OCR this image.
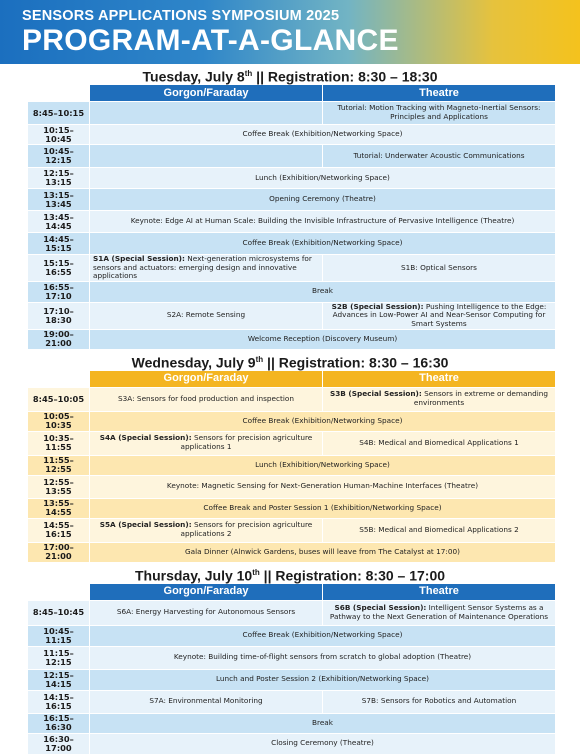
SENSORS APPLICATIONS SYMPOSIUM 2025
PROGRAM-AT-A-GLANCE
Tuesday, July 8th || Registration: 8:30 – 18:30
	Gorgon/Faraday	Theatre
8:45–10:15		Tutorial: Motion Tracking with Magneto-Inertial Sensors: Principles and Applications
10:15–10:45	Coffee Break (Exhibition/Networking Space)	
10:45–12:15		Tutorial: Underwater Acoustic Communications
12:15–13:15	Lunch (Exhibition/Networking Space)	
13:15–13:45	Opening Ceremony (Theatre)	
13:45–14:45	Keynote: Edge AI at Human Scale: Building the Invisible Infrastructure of Pervasive Intelligence (Theatre)	
14:45–15:15	Coffee Break (Exhibition/Networking Space)	
15:15–16:55	S1A (Special Session): Next-generation microsystems for sensors and actuators: emerging design and innovative applications	S1B: Optical Sensors
16:55–17:10	Break	
17:10–18:30	S2A: Remote Sensing	S2B (Special Session): Pushing Intelligence to the Edge: Advances in Low-Power AI and Near-Sensor Computing for Smart Systems
19:00–21:00	Welcome Reception (Discovery Museum)	
Wednesday, July 9th || Registration: 8:30 – 16:30
	Gorgon/Faraday	Theatre
8:45–10:05	S3A: Sensors for food production and inspection	S3B (Special Session): Sensors in extreme or demanding environments
10:05–10:35	Coffee Break (Exhibition/Networking Space)	
10:35–11:55	S4A (Special Session): Sensors for precision agriculture applications 1	S4B: Medical and Biomedical Applications 1
11:55–12:55	Lunch (Exhibition/Networking Space)	
12:55–13:55	Keynote: Magnetic Sensing for Next-Generation Human-Machine Interfaces (Theatre)	
13:55–14:55	Coffee Break and Poster Session 1 (Exhibition/Networking Space)	
14:55–16:15	S5A (Special Session): Sensors for precision agriculture applications 2	S5B: Medical and Biomedical Applications 2
17:00–21:00	Gala Dinner (Alnwick Gardens, buses will leave from The Catalyst at 17:00)	
Thursday, July 10th || Registration: 8:30 – 17:00
	Gorgon/Faraday	Theatre
8:45–10:45	S6A: Energy Harvesting for Autonomous Sensors	S6B (Special Session): Intelligent Sensor Systems as a Pathway to the Next Generation of Maintenance Operations
10:45–11:15	Coffee Break (Exhibition/Networking Space)	
11:15–12:15	Keynote: Building time-of-flight sensors from scratch to global adoption (Theatre)	
12:15–14:15	Lunch and Poster Session 2 (Exhibition/Networking Space)	
14:15–16:15	S7A: Environmental Monitoring	S7B: Sensors for Robotics and Automation
16:15–16:30	Break	
16:30–17:00	Closing Ceremony (Theatre)	
